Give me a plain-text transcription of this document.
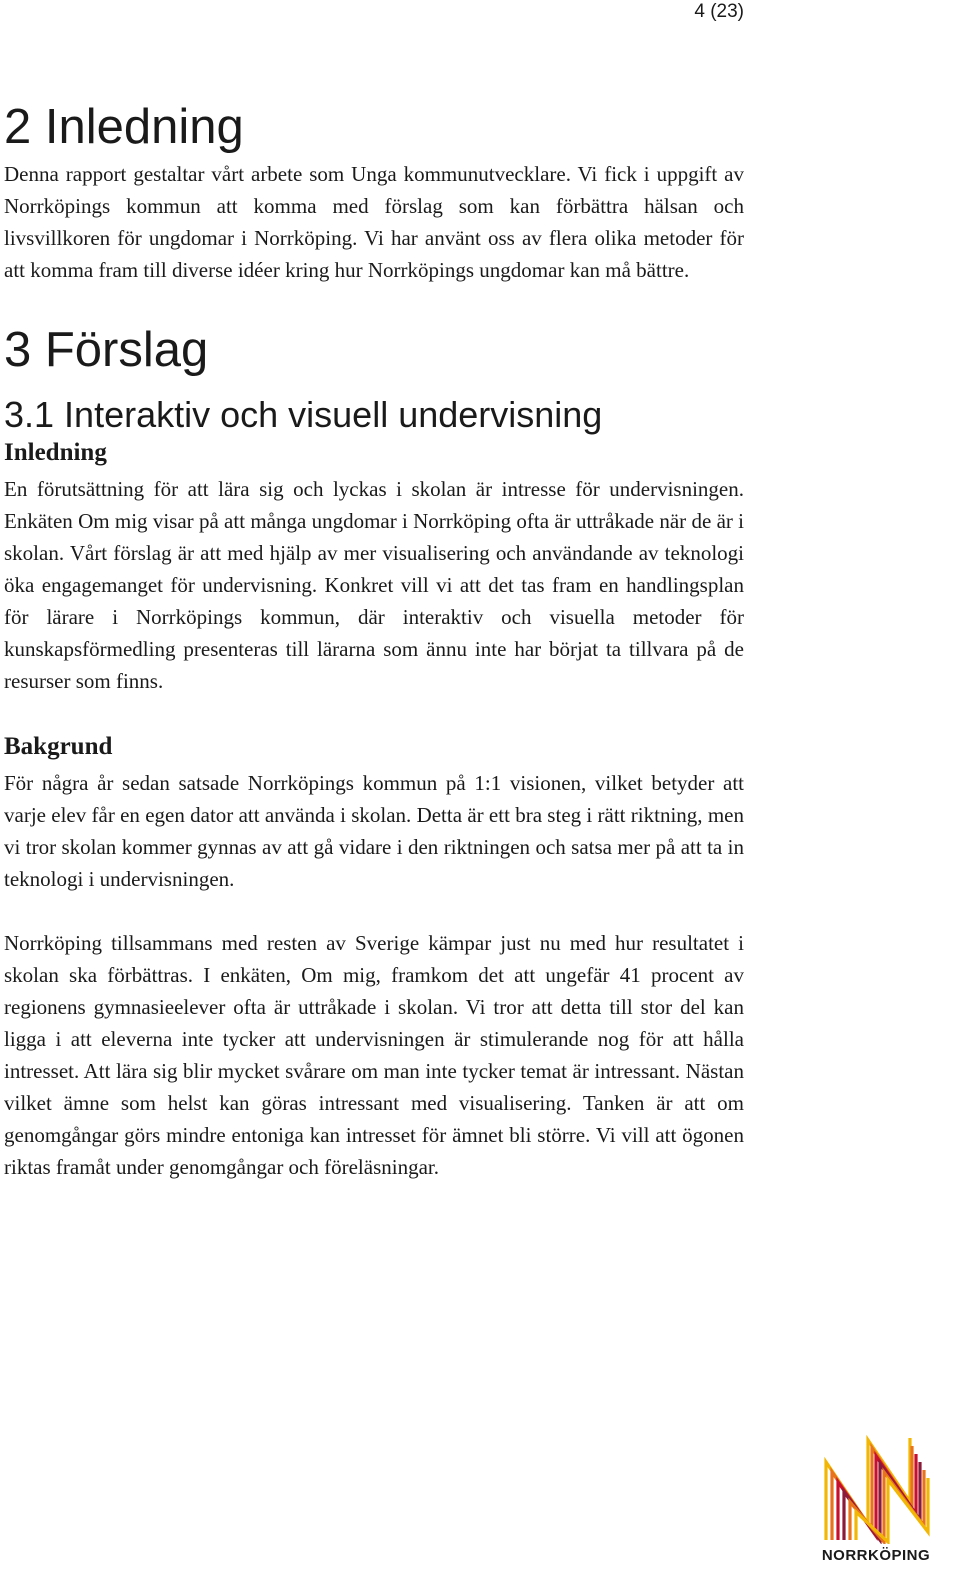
4 (23)
2 Inledning

Denna rapport gestaltar vårt arbete som Unga kommunutvecklare. Vi fick i uppgift av Norrköpings kommun att komma med förslag som kan förbättra hälsan och livsvillkoren för ungdomar i Norrköping. Vi har använt oss av flera olika metoder för att komma fram till diverse idéer kring hur Norrköpings ungdomar kan må bättre.

3 Förslag
3.1 Interaktiv och visuell undervisning
Inledning

En förutsättning för att lära sig och lyckas i skolan är intresse för undervisningen. Enkäten Om mig visar på att många ungdomar i Norrköping ofta är uttråkade när de är i skolan. Vårt förslag är att med hjälp av mer visualisering och användande av teknologi öka engagemanget för undervisning. Konkret vill vi att det tas fram en handlingsplan för lärare i Norrköpings kommun, där interaktiv och visuella metoder för kunskapsförmedling presenteras till lärarna som ännu inte har börjat ta tillvara på de resurser som finns.

Bakgrund

För några år sedan satsade Norrköpings kommun på 1:1 visionen, vilket betyder att varje elev får en egen dator att använda i skolan. Detta är ett bra steg i rätt riktning, men vi tror skolan kommer gynnas av att gå vidare i den riktningen och satsa mer på att ta in teknologi i undervisningen.

Norrköping tillsammans med resten av Sverige kämpar just nu med hur resultatet i skolan ska förbättras. I enkäten, Om mig, framkom det att ungefär 41 procent av regionens gymnasieelever ofta är uttråkade i skolan. Vi tror att detta till stor del kan ligga i att eleverna inte tycker att undervisningen är stimulerande nog för att hålla intresset. Att lära sig blir mycket svårare om man inte tycker temat är intressant. Nästan vilket ämne som helst kan göras intressant med visualisering. Tanken är att om genomgångar görs mindre entoniga kan intresset för ämnet bli större. Vi vill att ögonen riktas framåt under genomgångar och föreläsningar.

NORRKÖPING
